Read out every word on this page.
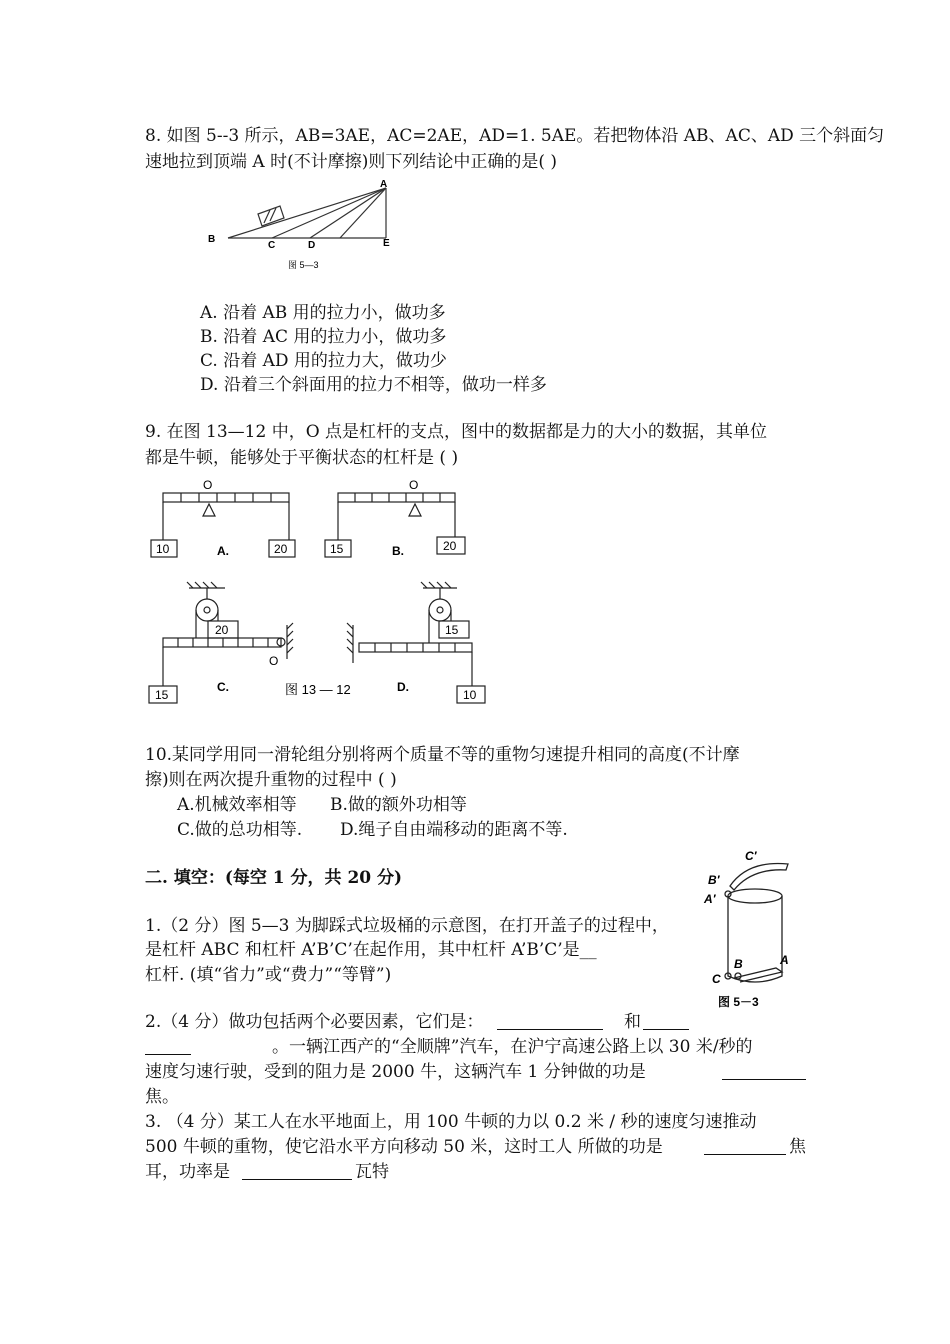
8. 如图 5--3 所示，AB=3AE，AC=2AE，AD=1. 5AE。若把物体沿 AB、AC、AD 三个斜面匀
速地拉到顶端 A 时(不计摩擦)则下列结论中正确的是( )
B
C	D	E
A
图 5—3
A. 沿着 AB 用的拉力小，做功多
B. 沿着 AC 用的拉力小，做功多
C. 沿着 AD 用的拉力大，做功少
D. 沿着三个斜面用的拉力不相等，做功一样多
9. 在图 13—12 中，O 点是杠杆的支点，图中的数据都是力的大小的数据，其单位
都是牛顿，能够处于平衡状态的杠杆是 ( )
O
10	20
A.
O
15	20
B.
20
O
15
C.
15
10
D.
图 13 — 12
10.某同学用同一滑轮组分别将两个质量不等的重物匀速提升相同的高度(不计摩
擦)则在两次提升重物的过程中 ( )
A.机械效率相等 B.做的额外功相等
C.做的总功相等. D.绳子自由端移动的距离不等.
二. 填空：(每空 1 分，共 20 分)
1.（2 分）图 5—3 为脚踩式垃圾桶的示意图，在打开盖子的过程中，
是杠杆 ABC 和杠杆 A’B’C’在起作用，其中杠杆 A’B’C’是__
杠杆. (填“省力”或“费力”“等臂”)
C′
B′
A′
A
B
C
图 5－3
2.（4 分）做功包括两个必要因素，它们是：	和
。一辆江西产的“全顺牌”汽车，在沪宁高速公路上以 30 米/秒的
速度匀速行驶，受到的阻力是 2000 牛，这辆汽车 1 分钟做的功是
焦。
3. （4 分）某工人在水平地面上，用 100 牛顿的力以 0.2 米 / 秒的速度匀速推动
500 牛顿的重物，使它沿水平方向移动 50 米，这时工人 所做的功是	焦
耳，功率是	瓦特
